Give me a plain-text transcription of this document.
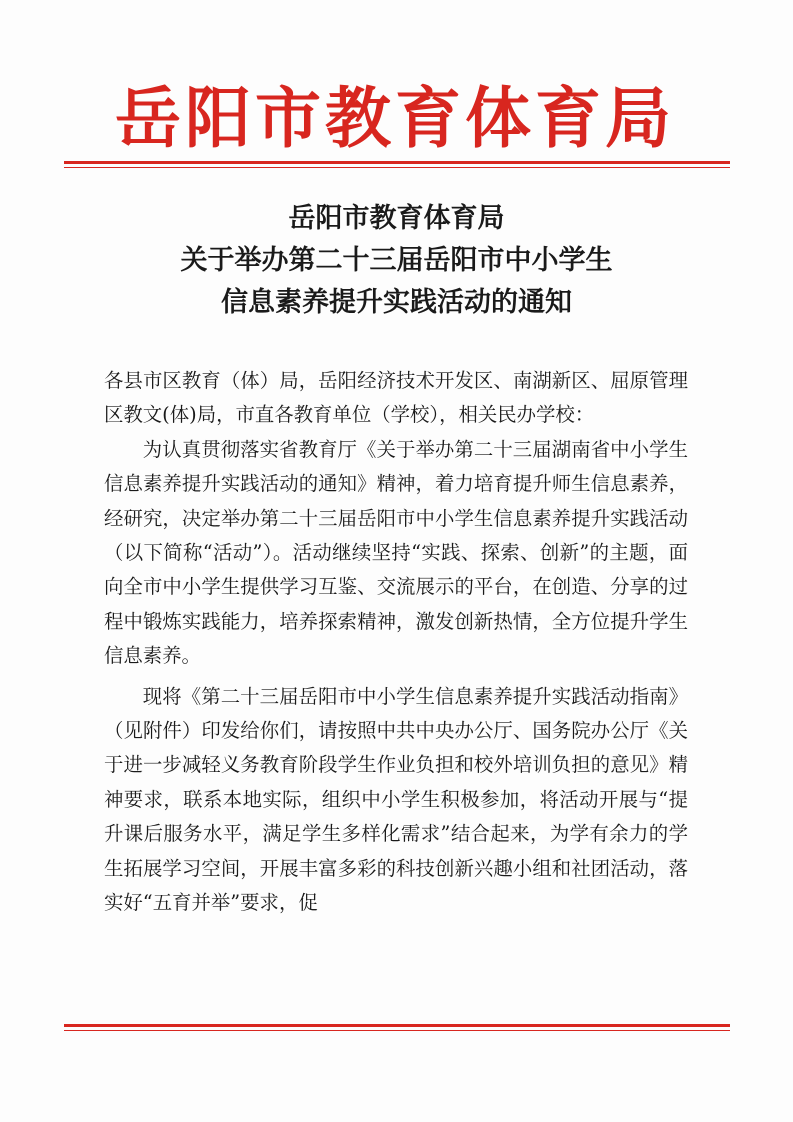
岳阳市教育体育局
岳阳市教育体育局
关于举办第二十三届岳阳市中小学生
信息素养提升实践活动的通知

各县市区教育（体）局，岳阳经济技术开发区、南湖新区、屈原管理区教文(体)局，市直各教育单位（学校），相关民办学校：

为认真贯彻落实省教育厅《关于举办第二十三届湖南省中小学生信息素养提升实践活动的通知》精神，着力培育提升师生信息素养，经研究，决定举办第二十三届岳阳市中小学生信息素养提升实践活动（以下简称“活动”）。活动继续坚持“实践、探索、创新”的主题，面向全市中小学生提供学习互鉴、交流展示的平台，在创造、分享的过程中锻炼实践能力，培养探索精神，激发创新热情，全方位提升学生信息素养。

现将《第二十三届岳阳市中小学生信息素养提升实践活动指南》（见附件）印发给你们，请按照中共中央办公厅、国务院办公厅《关于进一步减轻义务教育阶段学生作业负担和校外培训负担的意见》精神要求，联系本地实际，组织中小学生积极参加，将活动开展与“提升课后服务水平，满足学生多样化需求”结合起来，为学有余力的学生拓展学习空间，开展丰富多彩的科技创新兴趣小组和社团活动，落实好“五育并举”要求，促
